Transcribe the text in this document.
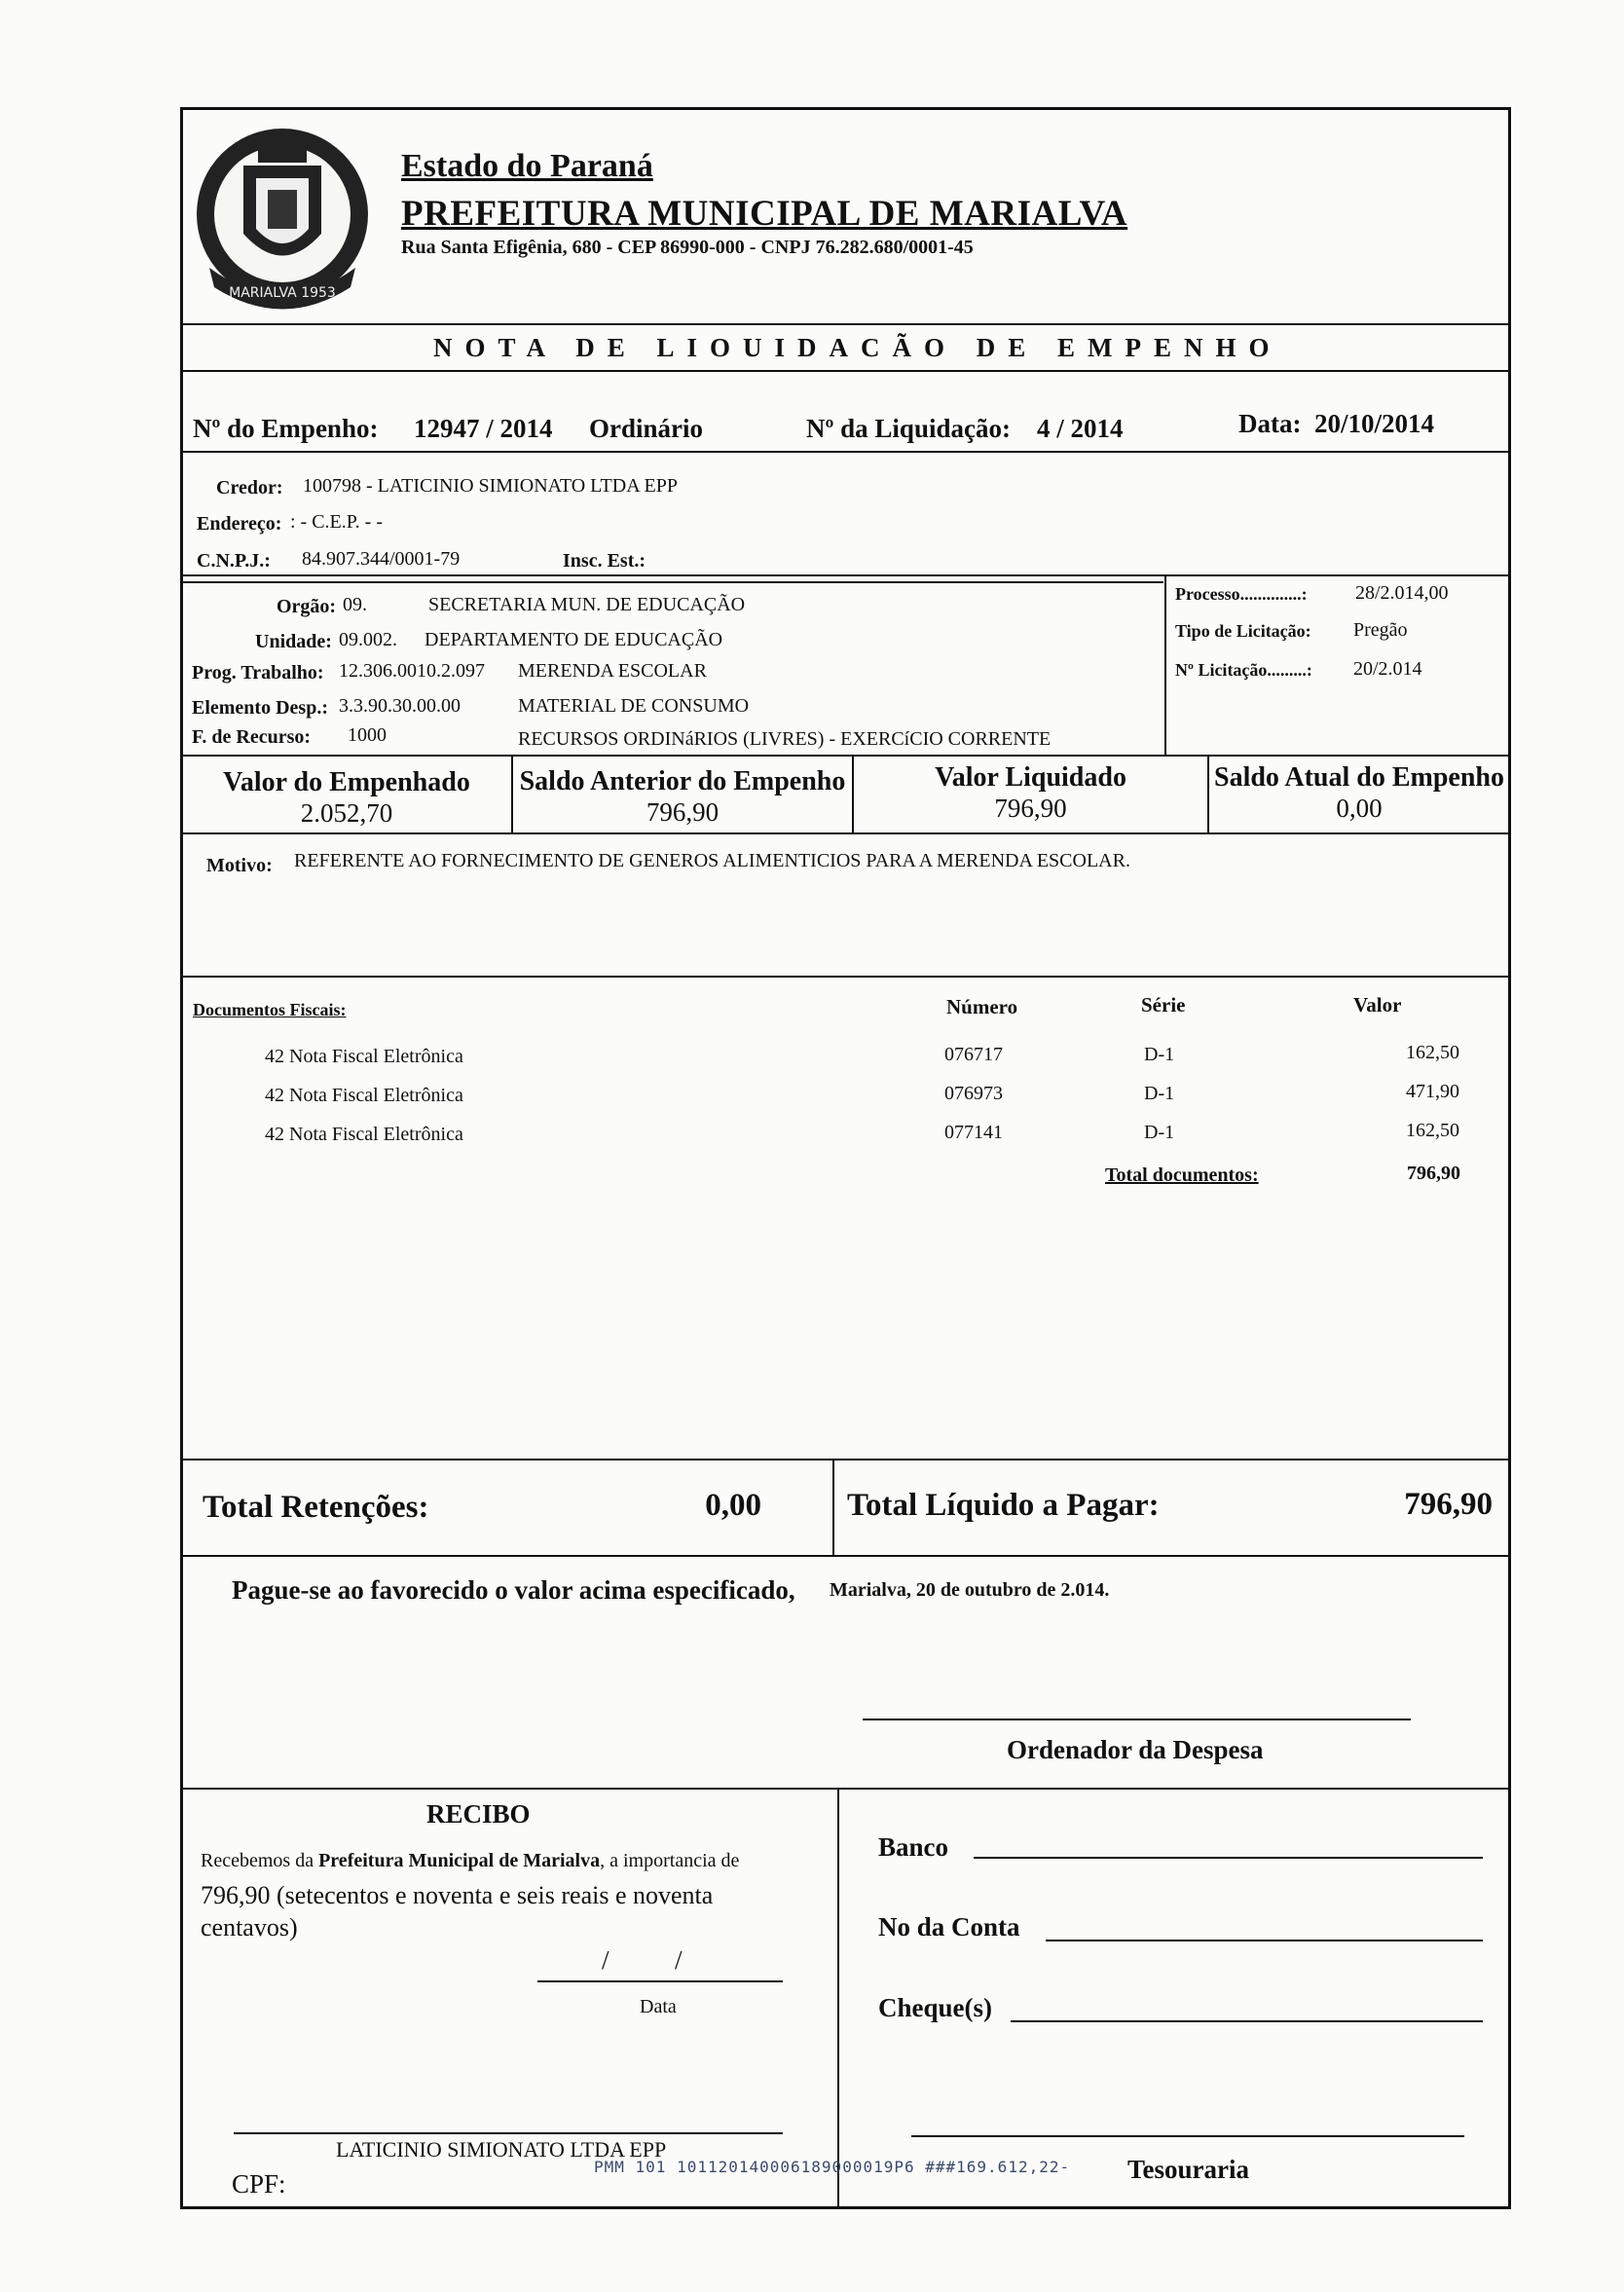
MARIALVA 1953
Estado do Paraná
PREFEITURA MUNICIPAL DE MARIALVA
Rua Santa Efigênia, 680 - CEP 86990-000 - CNPJ 76.282.680/0001-45
NOTA DE LIOUIDACÃO DE EMPENHO
Nº do Empenho: 12947 / 2014 Ordinário	Nº da Liquidação: 4 / 2014	Data: 20/10/2014
Credor: 100798 - LATICINIO SIMIONATO LTDA EPP
Endereço: : - C.E.P. - -
C.N.P.J.: 84.907.344/0001-79	Insc. Est.:
Orgão: 09.	SECRETARIA MUN. DE EDUCAÇÃO
Unidade: 09.002. DEPARTAMENTO DE EDUCAÇÃO
Prog. Trabalho: 12.306.0010.2.097 MERENDA ESCOLAR
Elemento Desp.: 3.3.90.30.00.00	MATERIAL DE CONSUMO
F. de Recurso: 1000	RECURSOS ORDINáRIOS (LIVRES) - EXERCíCIO CORRENTE
Processo..............: 28/2.014,00
Tipo de Licitação: Pregão
Nº Licitação.........: 20/2.014
Valor do Empenhado
2.052,70
Saldo Anterior do Empenho
796,90
Valor Liquidado
796,90
Saldo Atual do Empenho
0,00
Motivo: REFERENTE AO FORNECIMENTO DE GENEROS ALIMENTICIOS PARA A MERENDA ESCOLAR.
Documentos Fiscais:	Número	Série	Valor
42 Nota Fiscal Eletrônica	076717	D-1	162,50
42 Nota Fiscal Eletrônica	076973	D-1	471,90
42 Nota Fiscal Eletrônica	077141	D-1	162,50
Total documentos:	796,90
Total Retenções:	0,00	Total Líquido a Pagar:	796,90
Pague-se ao favorecido o valor acima especificado, Marialva, 20 de outubro de 2.014.
Ordenador da Despesa
RECIBO
Recebemos da Prefeitura Municipal de Marialva, a importancia de
796,90 (setecentos e noventa e seis reais e noventa centavos)
/          /
Data
LATICINIO SIMIONATO LTDA EPP
CPF:
Banco
No da Conta
Cheque(s)
Tesouraria
PMM 101 101120140006189000019P6 ###169.612,22-
